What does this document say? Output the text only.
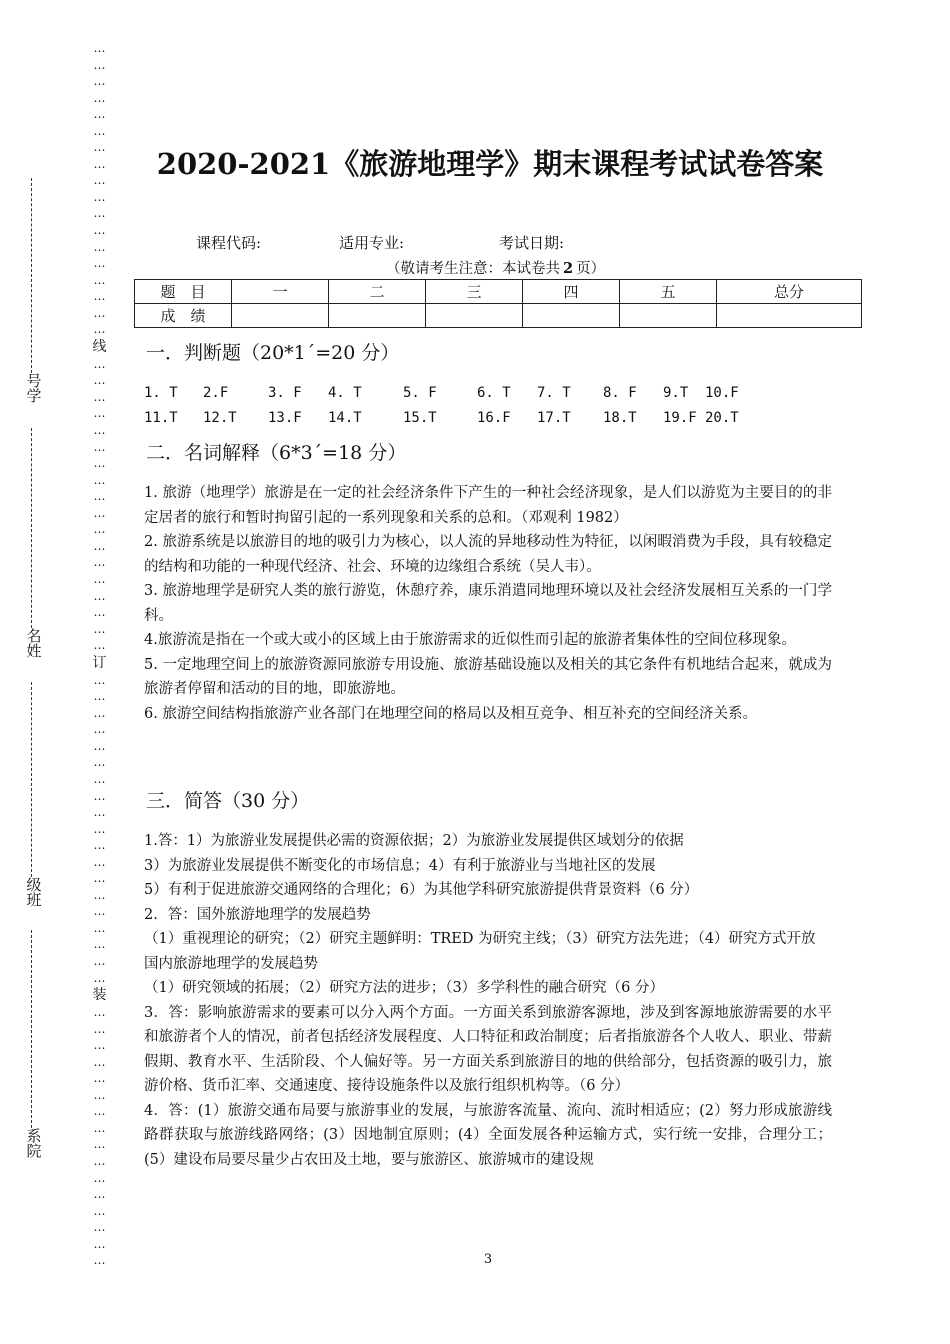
号学
名姓
级班
系院
…
…
…
…
…
…
…
…
…
…
…
…
…
…
…
…
…
…
线
…
…
…
…
…
…
…
…
…
…
…
…
…
…
…
…
…
…
订
…
…
…
…
…
…
…
…
…
…
…
…
…
…
…
…
…
…
…
装
…
…
…
…
…
…
…
…
…
…
…
…
…
…
…
…
2020-2021《旅游地理学》期末课程考试试卷答案
课程代码:	适用专业:	考试日期:
（敬请考生注意：本试卷共 2 页）
题　目	一	二	三	四	五	总分
成　绩						
一．判断题（20*1´=20 分）
1. T 2.F	3. F 4. T	5. F	6. T 7. T 8. F 9.T 10.F
11.T 12.T 13.F 14.T	15.T	16.F 17.T 18.T 19.F 20.T
二．名词解释（6*3´=18 分）

1. 旅游（地理学）旅游是在一定的社会经济条件下产生的一种社会经济现象，是人们以游览为主要目的的非定居者的旅行和暂时拘留引起的一系列现象和关系的总和。（邓观利 1982）

2. 旅游系统是以旅游目的地的吸引力为核心，以人流的异地移动性为特征，以闲暇消费为手段，具有较稳定的结构和功能的一种现代经济、社会、环境的边缘组合系统（吴人韦）。

3. 旅游地理学是研究人类的旅行游览，休憩疗养，康乐消遣同地理环境以及社会经济发展相互关系的一门学科。

4.旅游流是指在一个或大或小的区域上由于旅游需求的近似性而引起的旅游者集体性的空间位移现象。

5. 一定地理空间上的旅游资源同旅游专用设施、旅游基础设施以及相关的其它条件有机地结合起来，就成为旅游者停留和活动的目的地，即旅游地。

6. 旅游空间结构指旅游产业各部门在地理空间的格局以及相互竞争、相互补充的空间经济关系。

三．简答（30 分）

1.答：1）为旅游业发展提供必需的资源依据；2）为旅游业发展提供区域划分的依据

3）为旅游业发展提供不断变化的市场信息；4）有利于旅游业与当地社区的发展

5）有利于促进旅游交通网络的合理化；6）为其他学科研究旅游提供背景资料（6 分）

2．答：国外旅游地理学的发展趋势

（1）重视理论的研究；（2）研究主题鲜明：TRED 为研究主线；（3）研究方法先进；（4）研究方式开放

国内旅游地理学的发展趋势

（1）研究领域的拓展；（2）研究方法的进步；（3）多学科性的融合研究（6 分）

3．答：影响旅游需求的要素可以分入两个方面。一方面关系到旅游客源地，涉及到客源地旅游需要的水平和旅游者个人的情况，前者包括经济发展程度、人口特征和政治制度；后者指旅游各个人收人、职业、带薪假期、教育水平、生活阶段、个人偏好等。另一方面关系到旅游目的地的供给部分，包括资源的吸引力，旅游价格、货币汇率、交通速度、接待设施条件以及旅行组织机构等。（6 分）

4．答：(1）旅游交通布局要与旅游事业的发展，与旅游客流量、流向、流时相适应；(2）努力形成旅游线路群获取与旅游线路网络；(3）因地制宜原则；(4）全面发展各种运输方式，实行统一安排，合理分工；(5）建设布局要尽量少占农田及土地，要与旅游区、旅游城市的建设规

3
